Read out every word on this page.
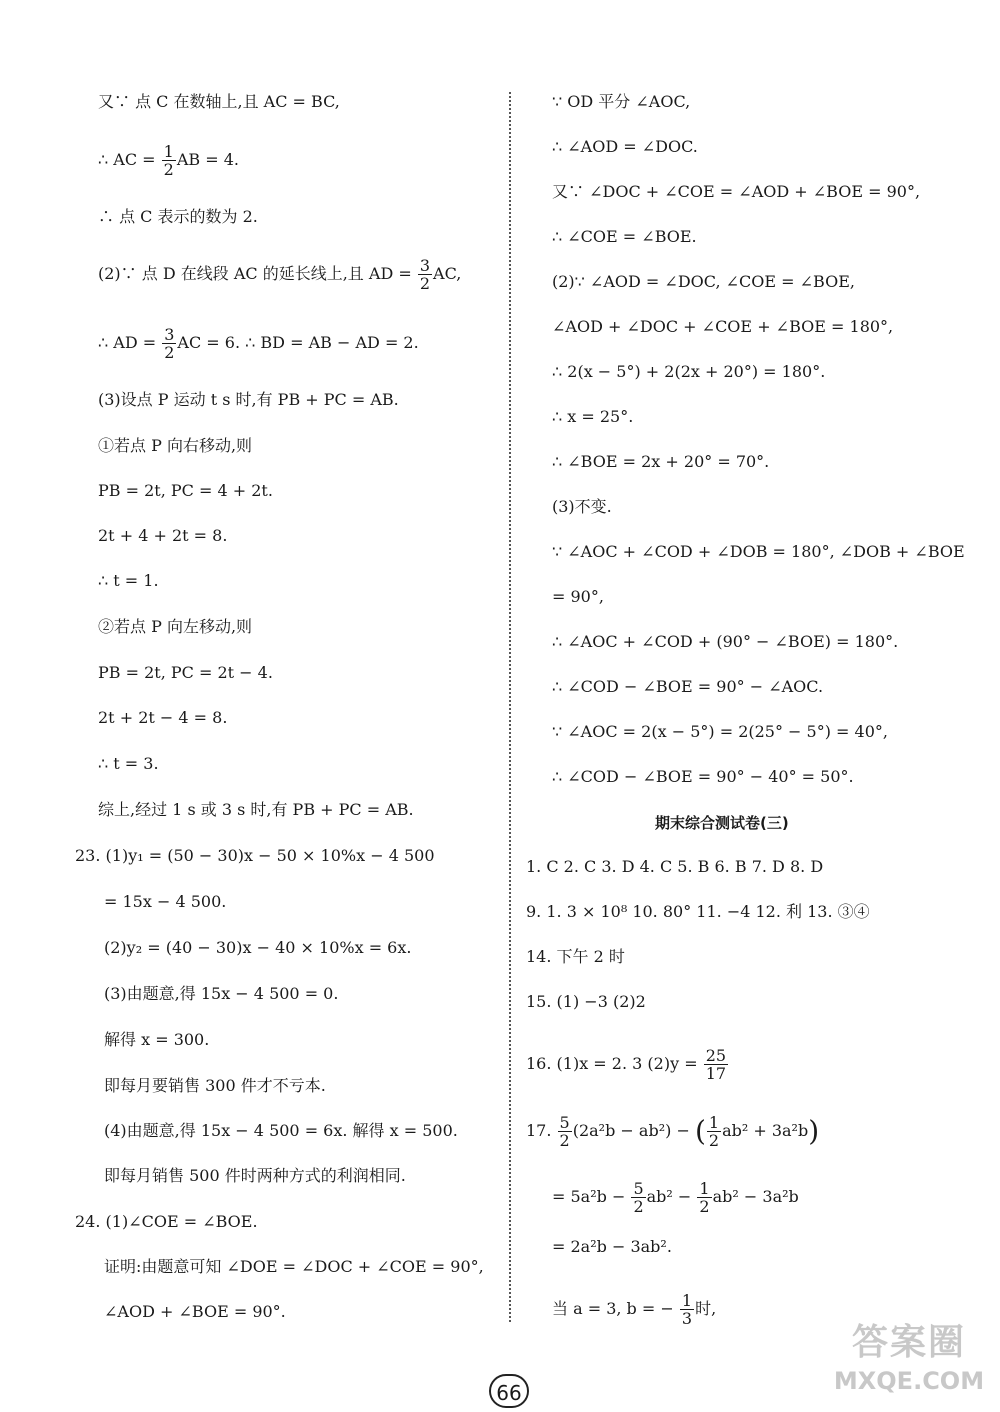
又∵ 点 C 在数轴上,且 AC = BC,
∴ AC = $\frac{1}{2}$ AB = 4.
∴ 点 C 表示的数为 2.
(2)∵ 点 D 在线段 AC 的延长线上,且 AD = $\frac{3}{2}$ AC,
∴ AD = $\frac{3}{2}$ AC = 6. ∴ BD = AB − AD = 2.
(3)设点 P 运动 t s 时,有 PB + PC = AB.
①若点 P 向右移动,则
PB = 2t, PC = 4 + 2t.
2t + 4 + 2t = 8.
∴ t = 1.
②若点 P 向左移动,则
PB = 2t, PC = 2t − 4.
2t + 2t − 4 = 8.
∴ t = 3.
综上,经过 1 s 或 3 s 时,有 PB + PC = AB.
23. (1)y₁ = (50 − 30)x − 50 × 10%x − 4 500
= 15x − 4 500.
(2)y₂ = (40 − 30)x − 40 × 10%x = 6x.
(3)由题意,得 15x − 4 500 = 0.
解得 x = 300.
即每月要销售 300 件才不亏本.
(4)由题意,得 15x − 4 500 = 6x. 解得 x = 500.
即每月销售 500 件时两种方式的利润相同.
24. (1)∠COE = ∠BOE.
证明:由题意可知 ∠DOE = ∠DOC + ∠COE = 90°,
∠AOD + ∠BOE = 90°.
∵ OD 平分 ∠AOC,
∴ ∠AOD = ∠DOC.
又∵ ∠DOC + ∠COE = ∠AOD + ∠BOE = 90°,
∴ ∠COE = ∠BOE.
(2)∵ ∠AOD = ∠DOC, ∠COE = ∠BOE,
∠AOD + ∠DOC + ∠COE + ∠BOE = 180°,
∴ 2(x − 5°) + 2(2x + 20°) = 180°.
∴ x = 25°.
∴ ∠BOE = 2x + 20° = 70°.
(3)不变.
∵ ∠AOC + ∠COD + ∠DOB = 180°, ∠DOB + ∠BOE
= 90°,
∴ ∠AOC + ∠COD + (90° − ∠BOE) = 180°.
∴ ∠COD − ∠BOE = 90° − ∠AOC.
∵ ∠AOC = 2(x − 5°) = 2(25° − 5°) = 40°,
∴ ∠COD − ∠BOE = 90° − 40° = 50°.
期末综合测试卷(三)
1. C 2. C 3. D 4. C 5. B 6. B 7. D 8. D
9. 1. 3 × 10⁸ 10. 80° 11. −4 12. 利 13. ③④
14. 下午 2 时
15. (1) −3 (2)2
16. (1)x = 2. 3 $(2)y = \frac{25}{17}$
17. $\frac{5}{2} (2a^2b - ab^2)$ − ( $\frac{1}{2} ab^2 + 3a^2b$)
= $5a^2b - \frac{5}{2} ab^2 - \frac{1}{2} ab^2 - 3a^2b$
= 2a²b − 3ab².
当 a = 3, b = − $\frac{1}{3}$ 时,
66
答案圈
MXQE.COM
